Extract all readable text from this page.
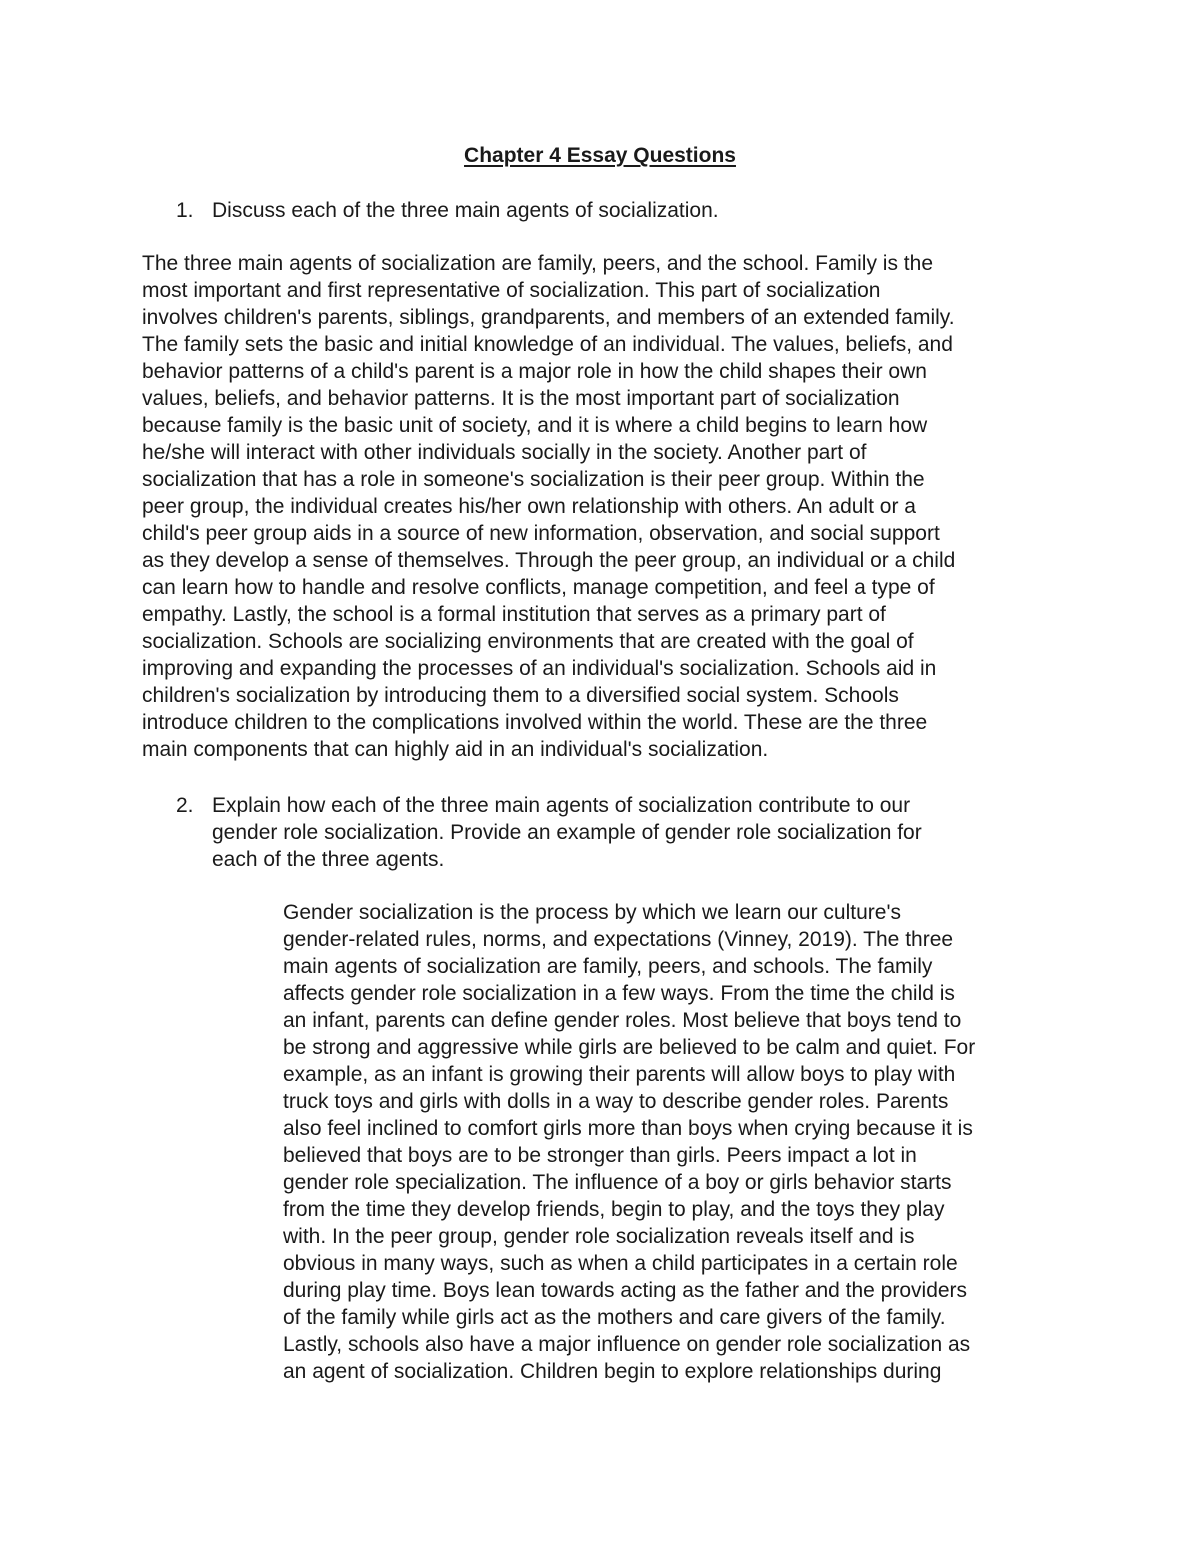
Chapter 4 Essay Questions
1. Discuss each of the three main agents of socialization.
The three main agents of socialization are family, peers, and the school. Family is the
most important and first representative of socialization. This part of socialization
involves children's parents, siblings, grandparents, and members of an extended family.
The family sets the basic and initial knowledge of an individual. The values, beliefs, and
behavior patterns of a child's parent is a major role in how the child shapes their own
values, beliefs, and behavior patterns. It is the most important part of socialization
because family is the basic unit of society, and it is where a child begins to learn how
he/she will interact with other individuals socially in the society. Another part of
socialization that has a role in someone's socialization is their peer group. Within the
peer group, the individual creates his/her own relationship with others. An adult or a
child's peer group aids in a source of new information, observation, and social support
as they develop a sense of themselves. Through the peer group, an individual or a child
can learn how to handle and resolve conflicts, manage competition, and feel a type of
empathy. Lastly, the school is a formal institution that serves as a primary part of
socialization. Schools are socializing environments that are created with the goal of
improving and expanding the processes of an individual's socialization. Schools aid in
children's socialization by introducing them to a diversified social system. Schools
introduce children to the complications involved within the world. These are the three
main components that can highly aid in an individual's socialization.
2. Explain how each of the three main agents of socialization contribute to our
gender role socialization. Provide an example of gender role socialization for
each of the three agents.
Gender socialization is the process by which we learn our culture's
gender-related rules, norms, and expectations (Vinney, 2019). The three
main agents of socialization are family, peers, and schools. The family
affects gender role socialization in a few ways. From the time the child is
an infant, parents can define gender roles. Most believe that boys tend to
be strong and aggressive while girls are believed to be calm and quiet. For
example, as an infant is growing their parents will allow boys to play with
truck toys and girls with dolls in a way to describe gender roles. Parents
also feel inclined to comfort girls more than boys when crying because it is
believed that boys are to be stronger than girls. Peers impact a lot in
gender role specialization. The influence of a boy or girls behavior starts
from the time they develop friends, begin to play, and the toys they play
with. In the peer group, gender role socialization reveals itself and is
obvious in many ways, such as when a child participates in a certain role
during play time. Boys lean towards acting as the father and the providers
of the family while girls act as the mothers and care givers of the family.
Lastly, schools also have a major influence on gender role socialization as
an agent of socialization. Children begin to explore relationships during
